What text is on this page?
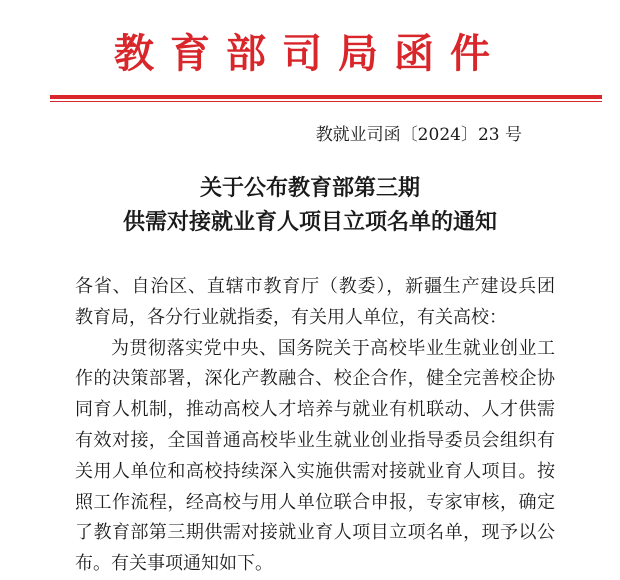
教育部司局函件
教就业司函〔2024〕23 号
关于公布教育部第三期
供需对接就业育人项目立项名单的通知
各省、自治区、直辖市教育厅（教委），新疆生产建设兵团
教育局，各分行业就指委，有关用人单位，有关高校：
为贯彻落实党中央、国务院关于高校毕业生就业创业工
作的决策部署，深化产教融合、校企合作，健全完善校企协
同育人机制，推动高校人才培养与就业有机联动、人才供需
有效对接，全国普通高校毕业生就业创业指导委员会组织有
关用人单位和高校持续深入实施供需对接就业育人项目。按
照工作流程，经高校与用人单位联合申报，专家审核，确定
了教育部第三期供需对接就业育人项目立项名单，现予以公
布。有关事项通知如下。
